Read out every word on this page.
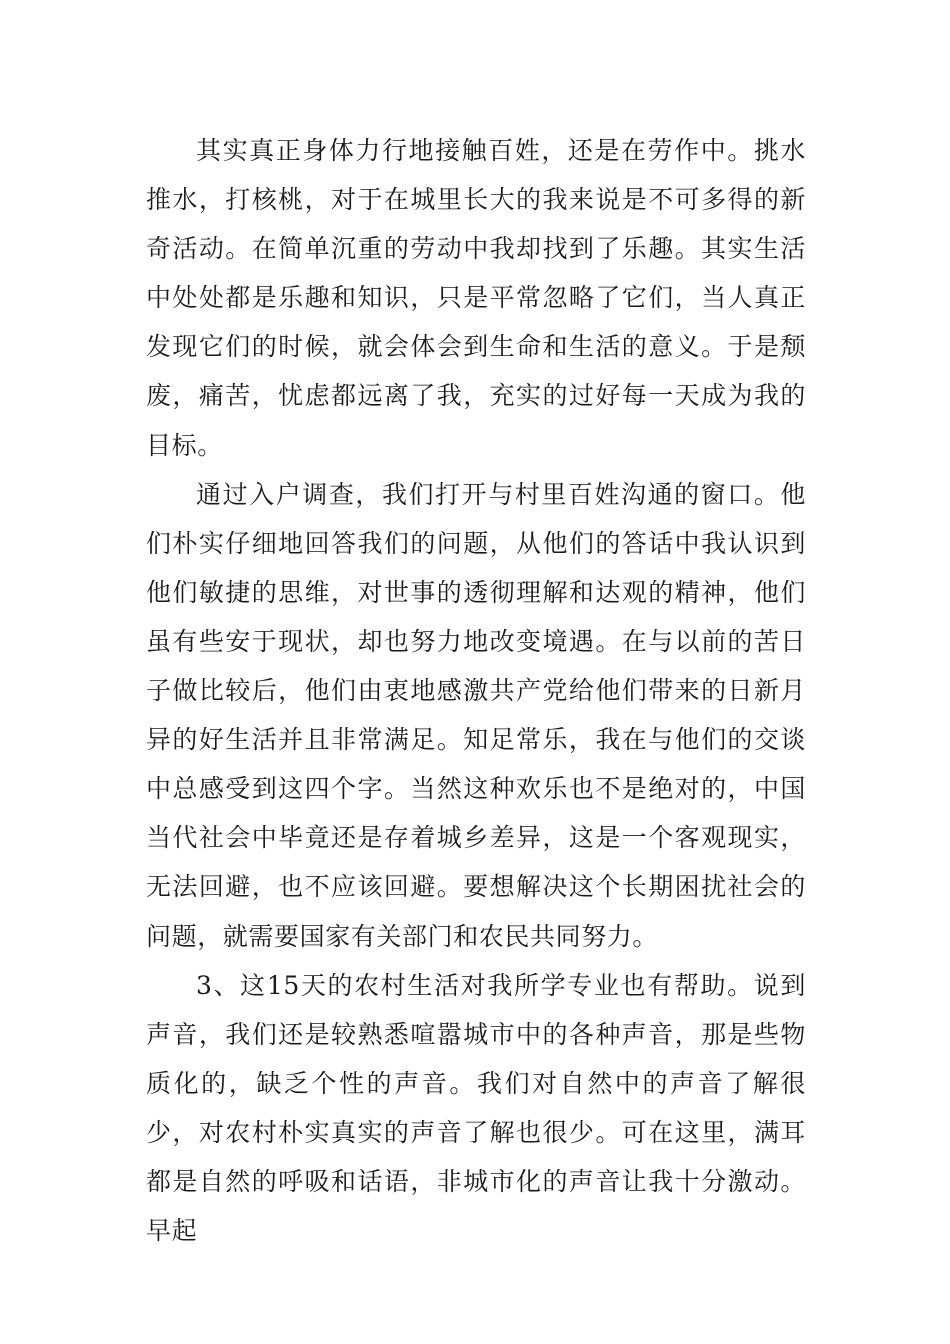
其实真正身体力行地接触百姓，还是在劳作中。挑水推水，打核桃，对于在城里长大的我来说是不可多得的新奇活动。在简单沉重的劳动中我却找到了乐趣。其实生活中处处都是乐趣和知识，只是平常忽略了它们，当人真正发现它们的时候，就会体会到生命和生活的意义。于是颓废，痛苦，忧虑都远离了我，充实的过好每一天成为我的目标。

通过入户调查，我们打开与村里百姓沟通的窗口。他们朴实仔细地回答我们的问题，从他们的答话中我认识到他们敏捷的思维，对世事的透彻理解和达观的精神，他们虽有些安于现状，却也努力地改变境遇。在与以前的苦日子做比较后，他们由衷地感激共产党给他们带来的日新月异的好生活并且非常满足。知足常乐，我在与他们的交谈中总感受到这四个字。当然这种欢乐也不是绝对的，中国当代社会中毕竟还是存着城乡差异，这是一个客观现实，无法回避，也不应该回避。要想解决这个长期困扰社会的问题，就需要国家有关部门和农民共同努力。

3、这15天的农村生活对我所学专业也有帮助。说到声音，我们还是较熟悉喧嚣城市中的各种声音，那是些物质化的，缺乏个性的声音。我们对自然中的声音了解很少，对农村朴实真实的声音了解也很少。可在这里，满耳都是自然的呼吸和话语，非城市化的声音让我十分激动。早起
